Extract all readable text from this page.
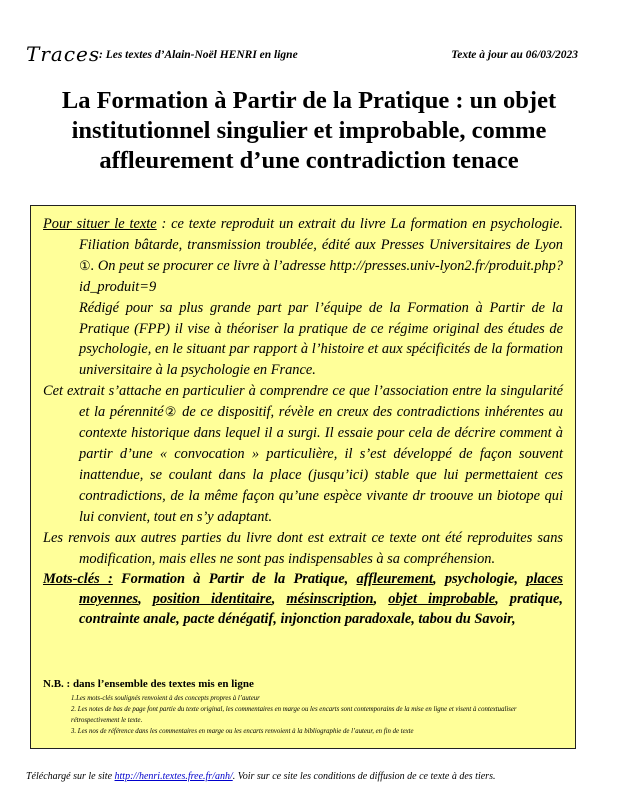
Traces
: Les textes d’Alain-Noël HENRI en ligne	Texte à jour au 06/03/2023
La Formation à Partir de la Pratique : un objet institutionnel singulier et improbable, comme affleurement d’une contradiction tenace

Pour situer le texte : ce texte reproduit un extrait du livre La formation en psychologie. Filiation bâtarde, transmission troublée, édité aux Presses Universitaires de Lyon ①. On peut se procurer ce livre à l’adresse http://presses.univ-lyon2.fr/produit.php?id_produit=9

Rédigé pour sa plus grande part par l’équipe de la Formation à Partir de la Pratique (FPP) il vise à théoriser la pratique de ce régime original des études de psychologie, en le situant par rapport à l’histoire et aux spécificités de la formation universitaire à la psychologie en France.

Cet extrait s’attache en particulier à comprendre ce que l’association entre la singularité et la pérennité② de ce dispositif, révèle en creux des contradictions inhérentes au contexte historique dans lequel il a surgi. Il essaie pour cela de décrire comment à partir d’une « convocation » particulière, il s’est développé de façon souvent inattendue, se coulant dans la place (jusqu’ici) stable que lui permettaient ces contradictions, de la même façon qu’une espèce vivante dr troouve un biotope qui lui convient, tout en s’y adaptant.

Les renvois aux autres parties du livre dont est extrait ce texte ont été reproduites sans modification, mais elles ne sont pas indispensables à sa compréhension.

Mots-clés : Formation à Partir de la Pratique, affleurement, psychologie, places moyennes, position identitaire, mésinscription, objet improbable, pratique, contrainte anale, pacte dénégatif, injonction paradoxale, tabou du Savoir,

N.B. : dans l’ensemble des textes mis en ligne
1.Les mots-clés soulignés renvoient à des concepts propres à l’auteur
2. Les notes de bas de page font partie du texte original, les commentaires en marge ou les encarts sont contemporains de la mise en ligne et visent à contextualiser rétrospectivement le texte.
3. Les nos de référence dans les commentaires en marge ou les encarts renvoient à la bibliographie de l’auteur, en fin de texte
Téléchargé sur le site http://henri.textes.free.fr/anh/. Voir sur ce site les conditions de diffusion de ce texte à des tiers.
